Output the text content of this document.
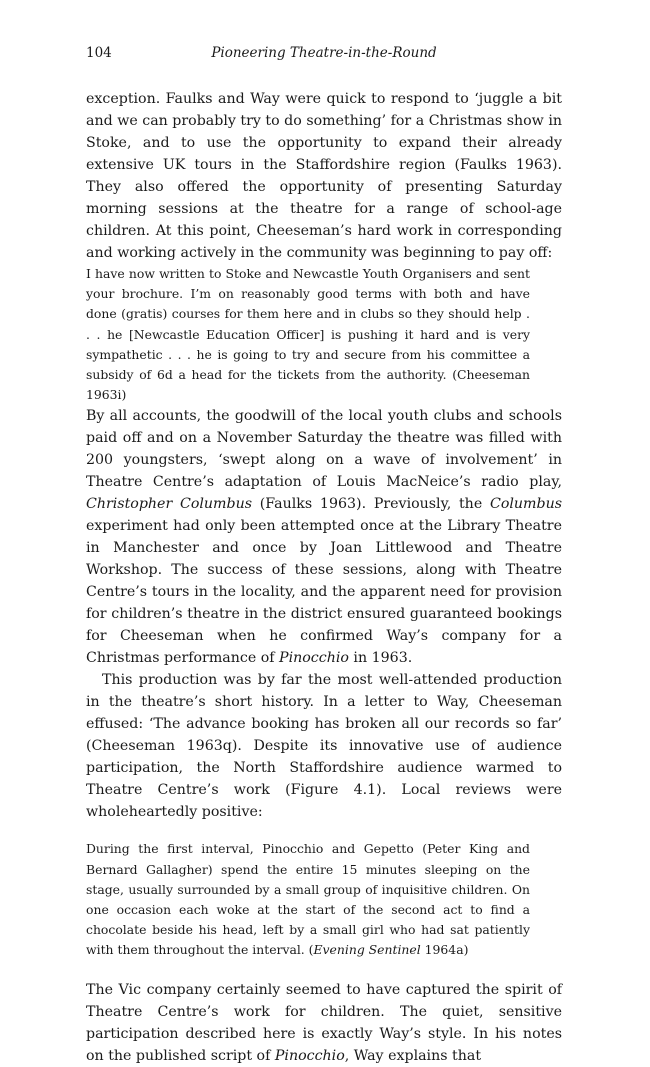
104	Pioneering Theatre-in-the-Round

exception. Faulks and Way were quick to respond to ‘juggle a bit and we can probably try to do something’ for a Christmas show in Stoke, and to use the opportunity to expand their already extensive UK tours in the Staffordshire region (Faulks 1963). They also offered the opportunity of presenting Saturday morning sessions at the theatre for a range of school-age children. At this point, Cheeseman’s hard work in corresponding and working actively in the community was beginning to pay off:

I have now written to Stoke and Newcastle Youth Organisers and sent your brochure. I’m on reasonably good terms with both and have done (gratis) courses for them here and in clubs so they should help . . . he [Newcastle Education Officer] is pushing it hard and is very sympathetic . . . he is going to try and secure from his committee a subsidy of 6d a head for the tickets from the authority. (Cheeseman 1963i)

By all accounts, the goodwill of the local youth clubs and schools paid off and on a November Saturday the theatre was filled with 200 youngsters, ‘swept along on a wave of involvement’ in Theatre Centre’s adaptation of Louis MacNeice’s radio play, Christopher Columbus (Faulks 1963). Previously, the Columbus experiment had only been attempted once at the Library Theatre in Manchester and once by Joan Littlewood and Theatre Workshop. The success of these sessions, along with Theatre Centre’s tours in the locality, and the apparent need for provision for children’s theatre in the district ensured guaranteed bookings for Cheeseman when he confirmed Way’s company for a Christmas performance of Pinocchio in 1963.

This production was by far the most well-attended production in the theatre’s short history. In a letter to Way, Cheeseman effused: ‘The advance booking has broken all our records so far’ (Cheeseman 1963q). Despite its innovative use of audience participation, the North Staffordshire audience warmed to Theatre Centre’s work (Figure 4.1). Local reviews were wholeheartedly positive:

During the first interval, Pinocchio and Gepetto (Peter King and Bernard Gallagher) spend the entire 15 minutes sleeping on the stage, usually surrounded by a small group of inquisitive children. On one occasion each woke at the start of the second act to find a chocolate beside his head, left by a small girl who had sat patiently with them throughout the interval. (Evening Sentinel 1964a)

The Vic company certainly seemed to have captured the spirit of Theatre Centre’s work for children. The quiet, sensitive participation described here is exactly Way’s style. In his notes on the published script of Pinocchio, Way explains that
